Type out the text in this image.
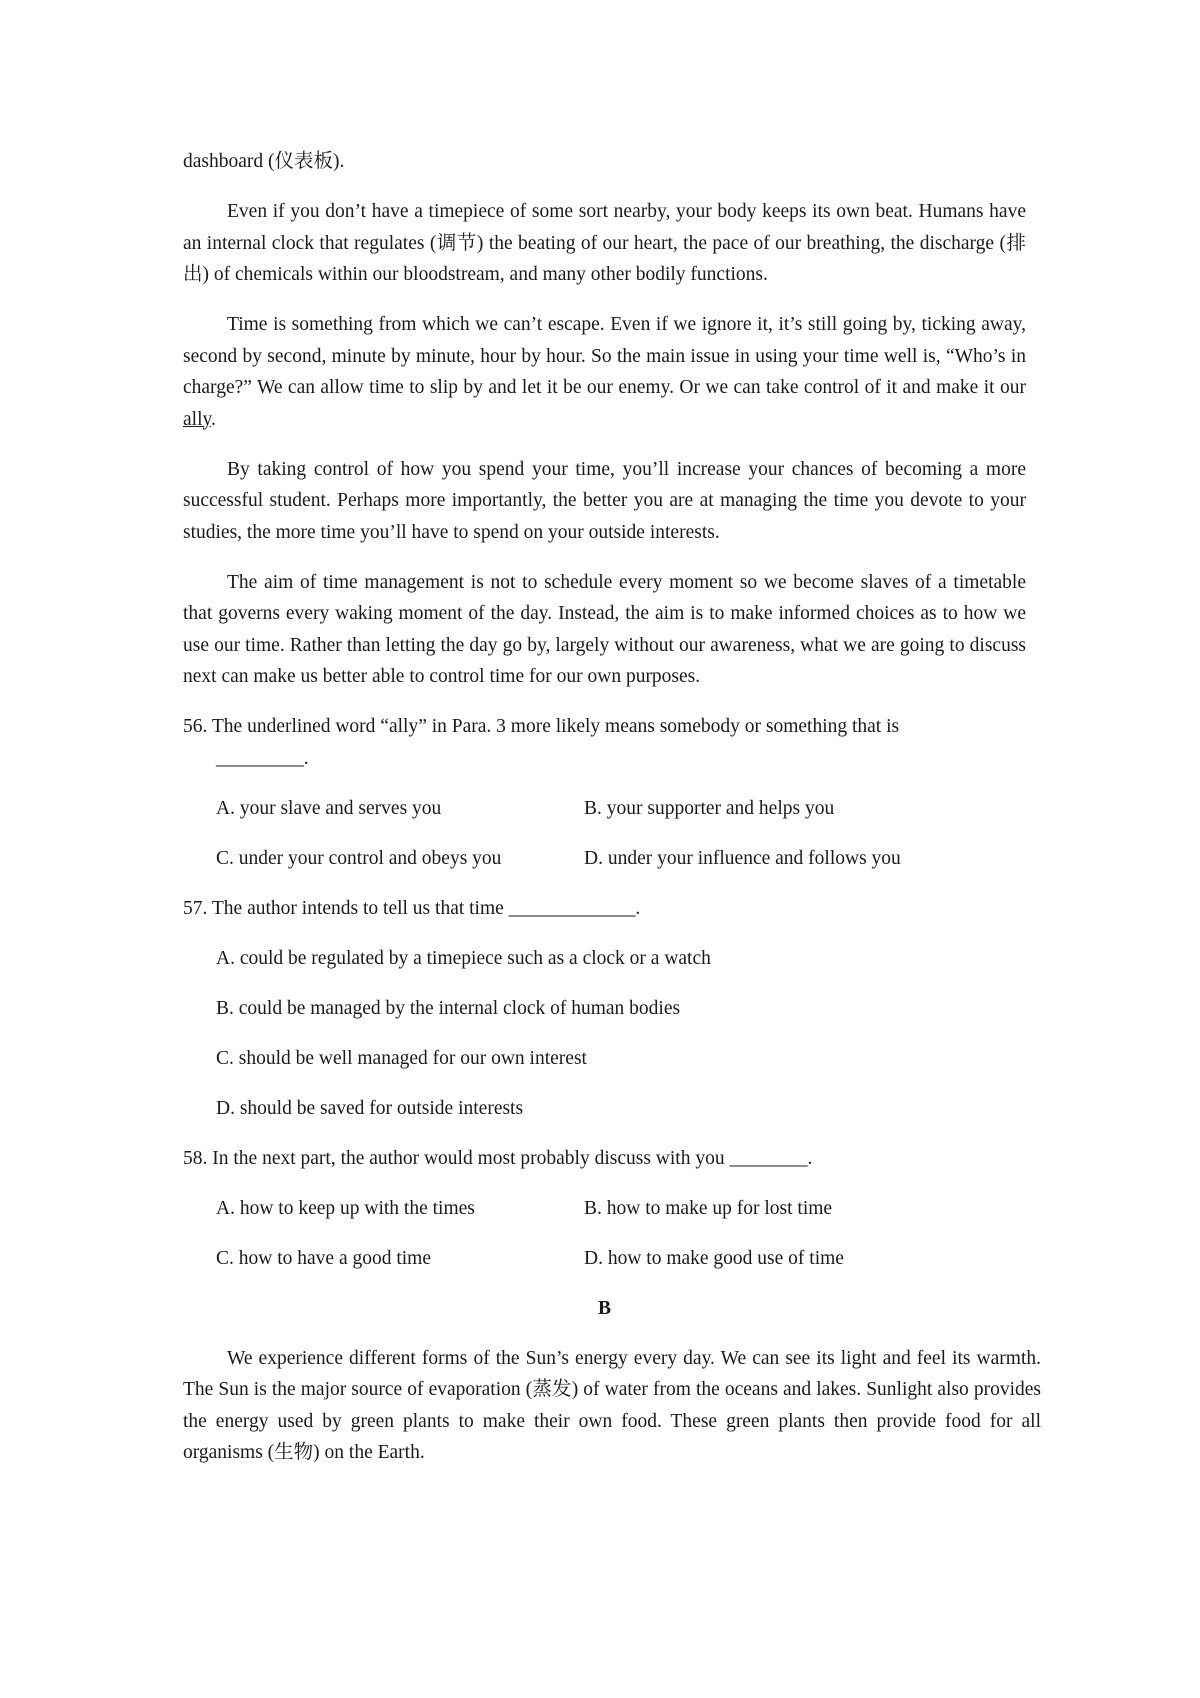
dashboard (仪表板).

Even if you don’t have a timepiece of some sort nearby, your body keeps its own beat. Humans have an internal clock that regulates (调节) the beating of our heart, the pace of our breathing, the discharge (排出) of chemicals within our bloodstream, and many other bodily functions.

Time is something from which we can’t escape. Even if we ignore it, it’s still going by, ticking away, second by second, minute by minute, hour by hour. So the main issue in using your time well is, “Who’s in charge?” We can allow time to slip by and let it be our enemy. Or we can take control of it and make it our ally.

By taking control of how you spend your time, you’ll increase your chances of becoming a more successful student. Perhaps more importantly, the better you are at managing the time you devote to your studies, the more time you’ll have to spend on your outside interests.

The aim of time management is not to schedule every moment so we become slaves of a timetable that governs every waking moment of the day. Instead, the aim is to make informed choices as to how we use our time. Rather than letting the day go by, largely without our awareness, what we are going to discuss next can make us better able to control time for our own purposes.

56. The underlined word “ally” in Para. 3 more likely means somebody or something that is
_________.
A. your slave and serves you	B. your supporter and helps you
C. under your control and obeys you	D. under your influence and follows you
57. The author intends to tell us that time _____________.
A. could be regulated by a timepiece such as a clock or a watch
B. could be managed by the internal clock of human bodies
C. should be well managed for our own interest
D. should be saved for outside interests
58. In the next part, the author would most probably discuss with you ________.
A. how to keep up with the times	B. how to make up for lost time
C. how to have a good time	D. how to make good use of time
B

We experience different forms of the Sun’s energy every day. We can see its light and feel its warmth. The Sun is the major source of evaporation (蒸发) of water from the oceans and lakes. Sunlight also provides the energy used by green plants to make their own food. These green plants then provide food for all organisms (生物) on the Earth.
